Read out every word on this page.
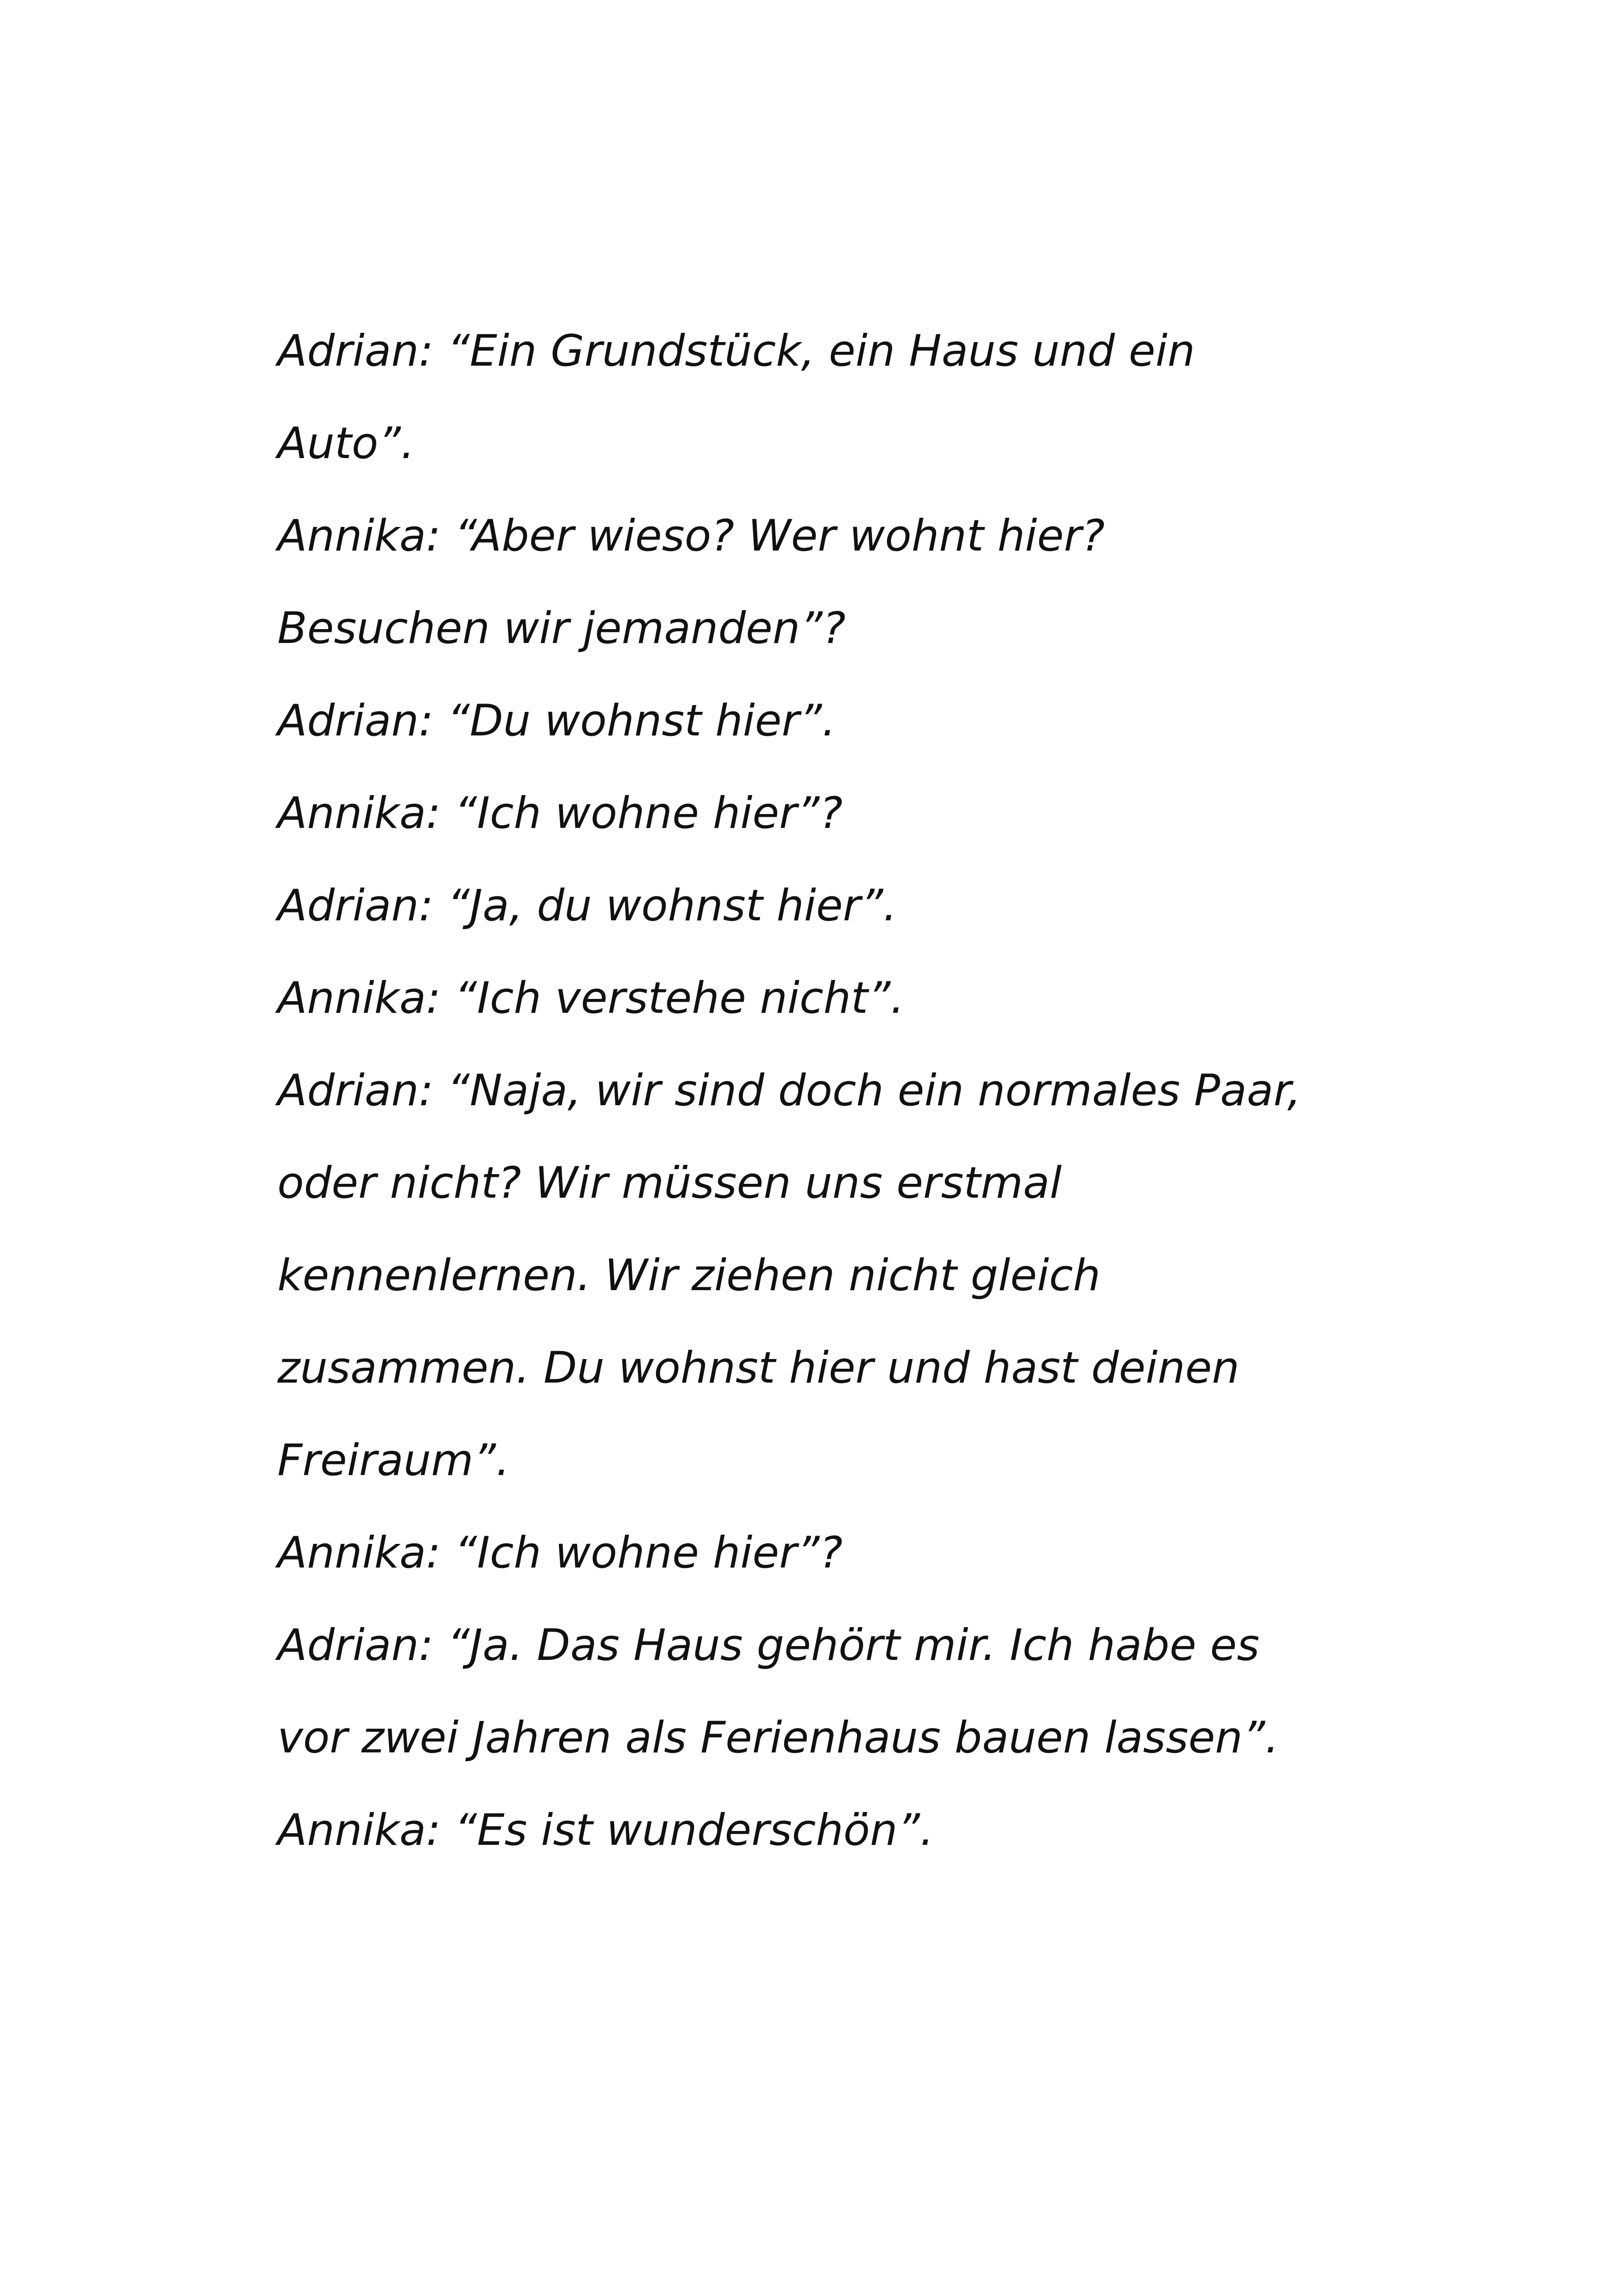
Adrian: “Ein Grundstück, ein Haus und ein
Auto”.
Annika: “Aber wieso? Wer wohnt hier?
Besuchen wir jemanden”?
Adrian: “Du wohnst hier”.
Annika: “Ich wohne hier”?
Adrian: “Ja, du wohnst hier”.
Annika: “Ich verstehe nicht”.
Adrian: “Naja, wir sind doch ein normales Paar,
oder nicht? Wir müssen uns erstmal
kennenlernen. Wir ziehen nicht gleich
zusammen. Du wohnst hier und hast deinen
Freiraum”.
Annika: “Ich wohne hier”?
Adrian: “Ja. Das Haus gehört mir. Ich habe es
vor zwei Jahren als Ferienhaus bauen lassen”.
Annika: “Es ist wunderschön”.
